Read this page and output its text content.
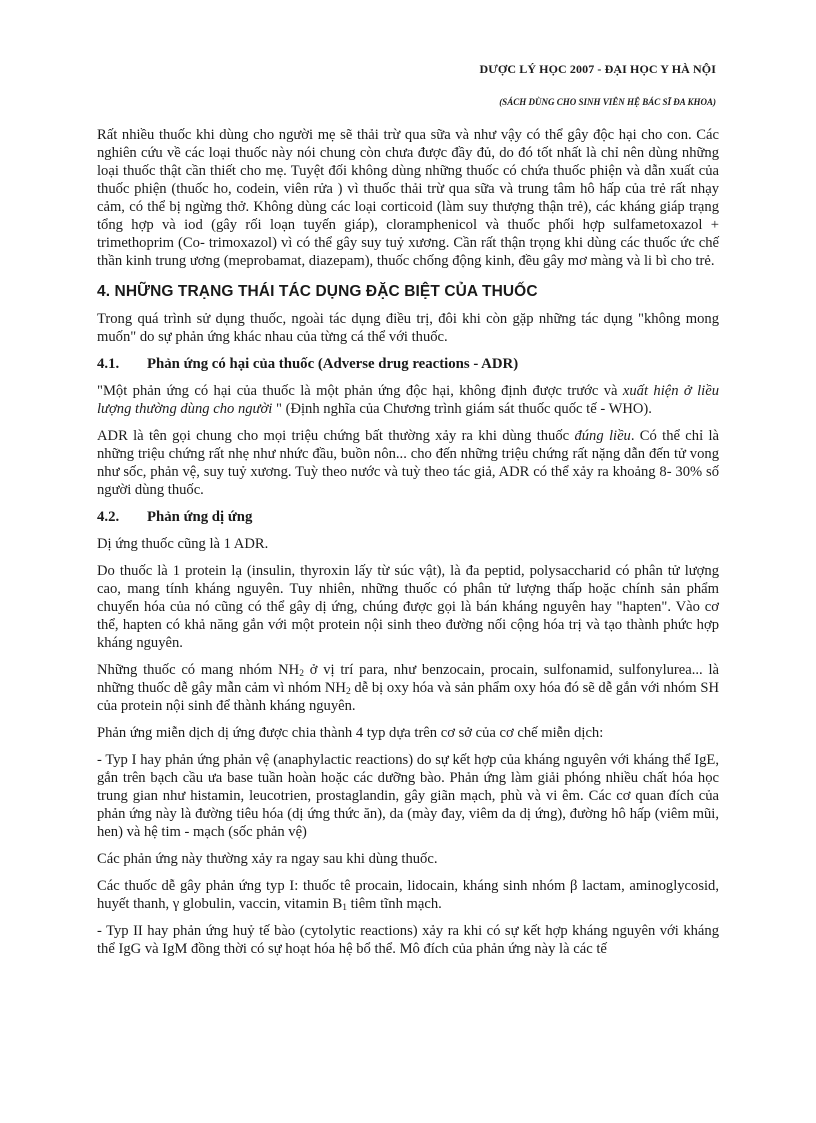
DƯỢC LÝ HỌC 2007 - ĐẠI HỌC Y HÀ NỘI
(SÁCH DÙNG CHO SINH VIÊN HỆ BÁC SĨ ĐA KHOA)

Rất nhiều thuốc khi dùng cho người mẹ sẽ thải trừ qua sữa và như vậy có thể gây độc hại cho con. Các nghiên cứu về các loại thuốc này nói chung còn chưa được đầy đủ, do đó tốt nhất là chỉ nên dùng những loại thuốc thật cần thiết cho mẹ. Tuyệt đối không dùng những thuốc có chứa thuốc phiện và dẫn xuất của thuốc phiện (thuốc ho, codein, viên rửa ) vì thuốc thải trừ qua sữa và trung tâm hô hấp của trẻ rất nhạy cảm, có thể bị ngừng thở. Không dùng các loại corticoid (làm suy thượng thận trẻ), các kháng giáp trạng tổng hợp và iod (gây rối loạn tuyến giáp), cloramphenicol và thuốc phối hợp sulfametoxazol + trimethoprim (Co- trimoxazol) vì có thể gây suy tuỷ xương. Cần rất thận trọng khi dùng các thuốc ức chế thần kinh trung ương (meprobamat, diazepam), thuốc chống động kinh, đều gây mơ màng và li bì cho trẻ.

4. NHỮNG TRẠNG THÁI TÁC DỤNG ĐẶC BIỆT CỦA THUỐC

Trong quá trình sử dụng thuốc, ngoài tác dụng điều trị, đôi khi còn gặp những tác dụng "không mong muốn" do sự phản ứng khác nhau của từng cá thể với thuốc.

4.1. Phản ứng có hại của thuốc (Adverse drug reactions - ADR)

"Một phản ứng có hại của thuốc là một phản ứng độc hại, không định được trước và xuất hiện ở liều lượng thường dùng cho người " (Định nghĩa của Chương trình giám sát thuốc quốc tế - WHO).

ADR là tên gọi chung cho mọi triệu chứng bất thường xảy ra khi dùng thuốc đúng liều. Có thể chỉ là những triệu chứng rất nhẹ như nhức đầu, buồn nôn... cho đến những triệu chứng rất nặng dẫn đến tử vong như sốc, phản vệ, suy tuỷ xương. Tuỳ theo nước và tuỳ theo tác giả, ADR có thể xảy ra khoảng 8- 30% số người dùng thuốc.

4.2. Phản ứng dị ứng

Dị ứng thuốc cũng là 1 ADR.

Do thuốc là 1 protein lạ (insulin, thyroxin lấy từ súc vật), là đa peptid, polysaccharid có phân tử lượng cao, mang tính kháng nguyên. Tuy nhiên, những thuốc có phân tử lượng thấp hoặc chính sản phẩm chuyển hóa của nó cũng có thể gây dị ứng, chúng được gọi là bán kháng nguyên hay "hapten". Vào cơ thể, hapten có khả năng gắn với một protein nội sinh theo đường nối cộng hóa trị và tạo thành phức hợp kháng nguyên.

Những thuốc có mang nhóm $NH_2$ ở vị trí para, như benzocain, procain, sulfonamid, sulfonylurea... là những thuốc dễ gây mẫn cảm vì nhóm $NH_2$ dễ bị oxy hóa và sản phẩm oxy hóa đó sẽ dễ gắn với nhóm SH của protein nội sinh để thành kháng nguyên.

Phản ứng miễn dịch dị ứng được chia thành 4 typ dựa trên cơ sở của cơ chế miễn dịch:

- Typ I hay phản ứng phản vệ (anaphylactic reactions) do sự kết hợp của kháng nguyên với kháng thể IgE, gắn trên bạch cầu ưa base tuần hoàn hoặc các dưỡng bào. Phản ứng làm giải phóng nhiều chất hóa học trung gian như histamin, leucotrien, prostaglandin, gây giãn mạch, phù và vi êm. Các cơ quan đích của phản ứng này là đường tiêu hóa (dị ứng thức ăn), da (mày đay, viêm da dị ứng), đường hô hấp (viêm mũi, hen) và hệ tim - mạch (sốc phản vệ)

Các phản ứng này thường xảy ra ngay sau khi dùng thuốc.

Các thuốc dễ gây phản ứng typ I: thuốc tê procain, lidocain, kháng sinh nhóm β lactam, aminoglycosid, huyết thanh, γ globulin, vaccin, vitamin $B_1$ tiêm tĩnh mạch.

- Typ II hay phản ứng huỷ tế bào (cytolytic reactions) xảy ra khi có sự kết hợp kháng nguyên với kháng thể IgG và IgM đồng thời có sự hoạt hóa hệ bổ thể. Mô đích của phản ứng này là các tế
